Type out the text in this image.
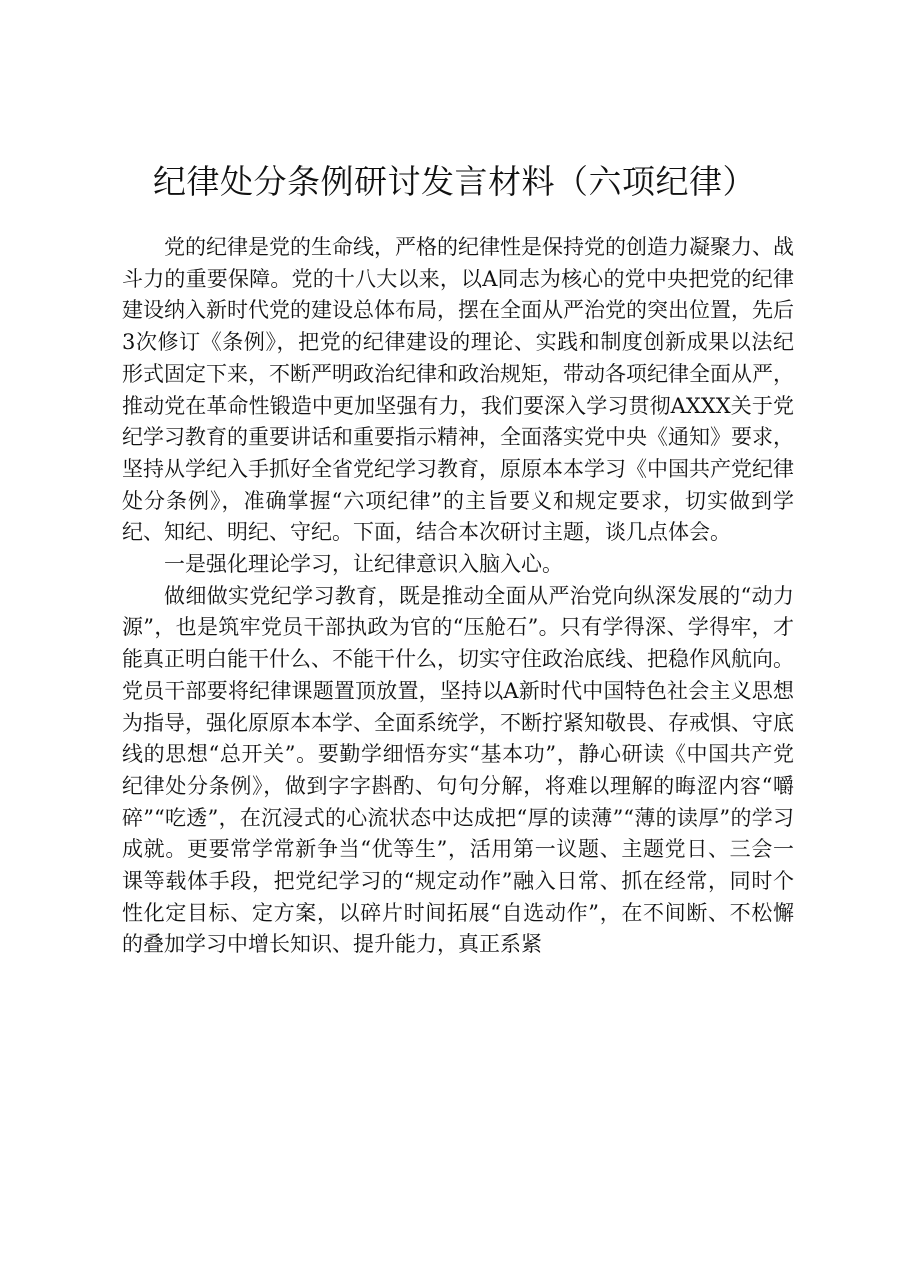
纪律处分条例研讨发言材料（六项纪律）

党的纪律是党的生命线，严格的纪律性是保持党的创造力凝聚力、战斗力的重要保障。党的十八大以来，以A同志为核心的党中央把党的纪律建设纳入新时代党的建设总体布局，摆在全面从严治党的突出位置，先后3次修订《条例》，把党的纪律建设的理论、实践和制度创新成果以法纪形式固定下来，不断严明政治纪律和政治规矩，带动各项纪律全面从严，推动党在革命性锻造中更加坚强有力，我们要深入学习贯彻AXXX关于党纪学习教育的重要讲话和重要指示精神，全面落实党中央《通知》要求，坚持从学纪入手抓好全省党纪学习教育，原原本本学习《中国共产党纪律处分条例》，准确掌握“六项纪律”的主旨要义和规定要求，切实做到学纪、知纪、明纪、守纪。下面，结合本次研讨主题，谈几点体会。

一是强化理论学习，让纪律意识入脑入心。

做细做实党纪学习教育，既是推动全面从严治党向纵深发展的“动力源”，也是筑牢党员干部执政为官的“压舱石”。只有学得深、学得牢，才能真正明白能干什么、不能干什么，切实守住政治底线、把稳作风航向。党员干部要将纪律课题置顶放置，坚持以A新时代中国特色社会主义思想为指导，强化原原本本学、全面系统学，不断拧紧知敬畏、存戒惧、守底线的思想“总开关”。要勤学细悟夯实“基本功”，静心研读《中国共产党纪律处分条例》，做到字字斟酌、句句分解，将难以理解的晦涩内容“嚼碎”“吃透”，在沉浸式的心流状态中达成把“厚的读薄”“薄的读厚”的学习成就。更要常学常新争当“优等生”，活用第一议题、主题党日、三会一课等载体手段，把党纪学习的“规定动作”融入日常、抓在经常，同时个性化定目标、定方案，以碎片时间拓展“自选动作”，在不间断、不松懈的叠加学习中增长知识、提升能力，真正系紧
